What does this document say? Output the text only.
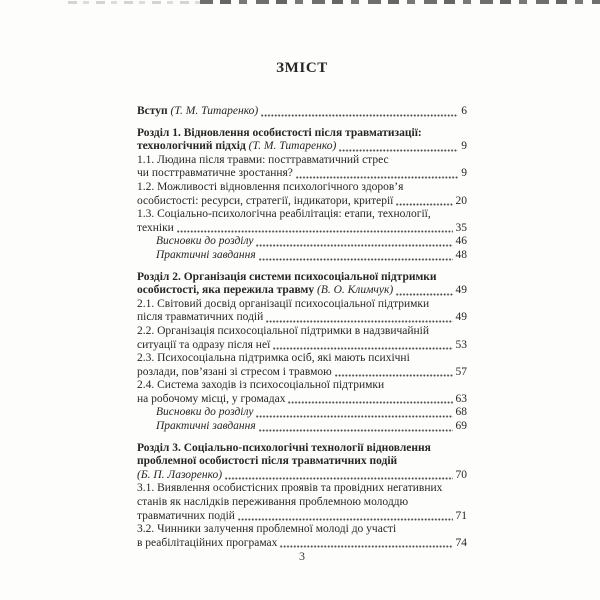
ЗМІСТ
Вступ (Т. М. Титаренко)	6
Розділ 1. Відновлення особистості після травматизації:
технологічний підхід (Т. М. Титаренко)	9
1.1. Людина після травми: посттравматичний стрес
чи посттравматичне зростання?	9
1.2. Можливості відновлення психологічного здоров’я
особистості: ресурси, стратегії, індикатори, критерії	20
1.3. Соціально-психологічна реабілітація: етапи, технології,
техніки	35
Висновки до розділу	46
Практичні завдання	48
Розділ 2. Організація системи психосоціальної підтримки
особистості, яка пережила травму (В. О. Климчук)	49
2.1. Світовий досвід організації психосоціальної підтримки
після травматичних подій	49
2.2. Організація психосоціальної підтримки в надзвичайній
ситуації та одразу після неї	53
2.3. Психосоціальна підтримка осіб, які мають психічні
розлади, пов’язані зі стресом і травмою	57
2.4. Система заходів із психосоціальної підтримки
на робочому місці, у громадах	63
Висновки до розділу	68
Практичні завдання	69
Розділ 3. Соціально-психологічні технології відновлення
проблемної особистості після травматичних подій
(Б. П. Лазоренко)	70
3.1. Виявлення особистісних проявів та провідних негативних
станів як наслідків переживання проблемною молоддю
травматичних подій	71
3.2. Чинники залучення проблемної молоді до участі
в реабілітаційних програмах	74
3
